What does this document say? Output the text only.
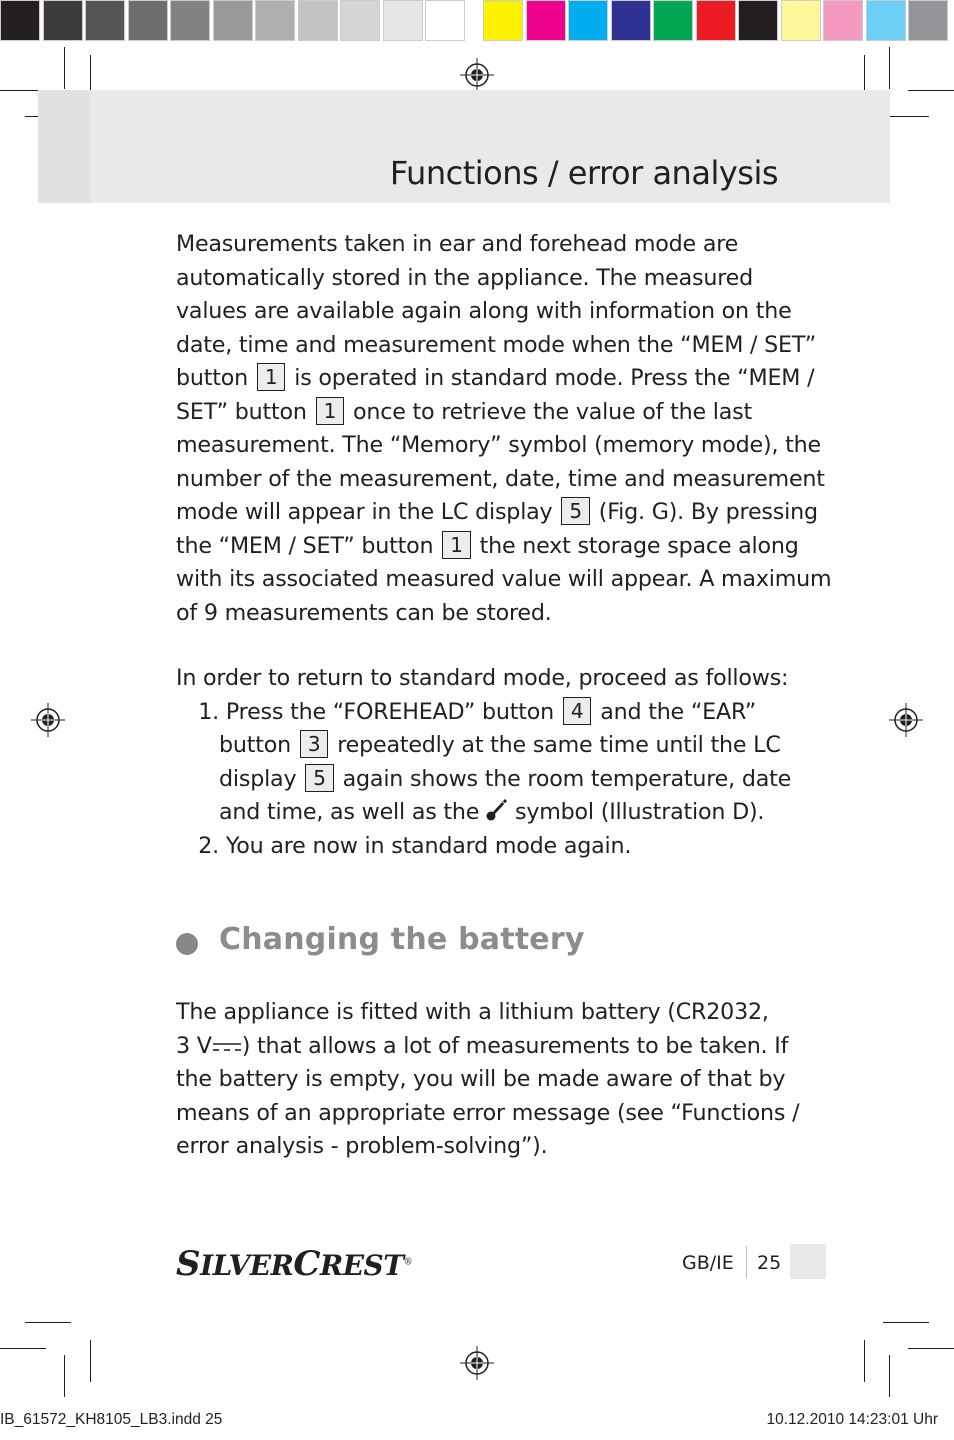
Functions / error analysis
Measurements taken in ear and forehead mode are
automatically stored in the appliance. The measured
values are available again along with information on the
date, time and measurement mode when the “MEM / SET”
button 1 is operated in standard mode. Press the “MEM /
SET” button 1 once to retrieve the value of the last
measurement. The “Memory” symbol (memory mode), the
number of the measurement, date, time and measurement
mode will appear in the LC display 5 (Fig. G). By pressing
the “MEM / SET” button 1 the next storage space along
with its associated measured value will appear. A maximum
of 9 measurements can be stored.
In order to return to standard mode, proceed as follows:
1. Press the “FOREHEAD” button 4 and the “EAR”
button 3 repeatedly at the same time until the LC
display 5 again shows the room temperature, date
and time, as well as the symbol (Illustration D).
2. You are now in standard mode again.
Changing the battery
The appliance is fitted with a lithium battery (CR2032,
3 V ) that allows a lot of measurements to be taken. If
the battery is empty, you will be made aware of that by
means of an appropriate error message (see “Functions /
error analysis - problem-solving”).
SILVERCREST®	GB/IE 25
IB_61572_KH8105_LB3.indd 25	10.12.2010 14:23:01 Uhr
